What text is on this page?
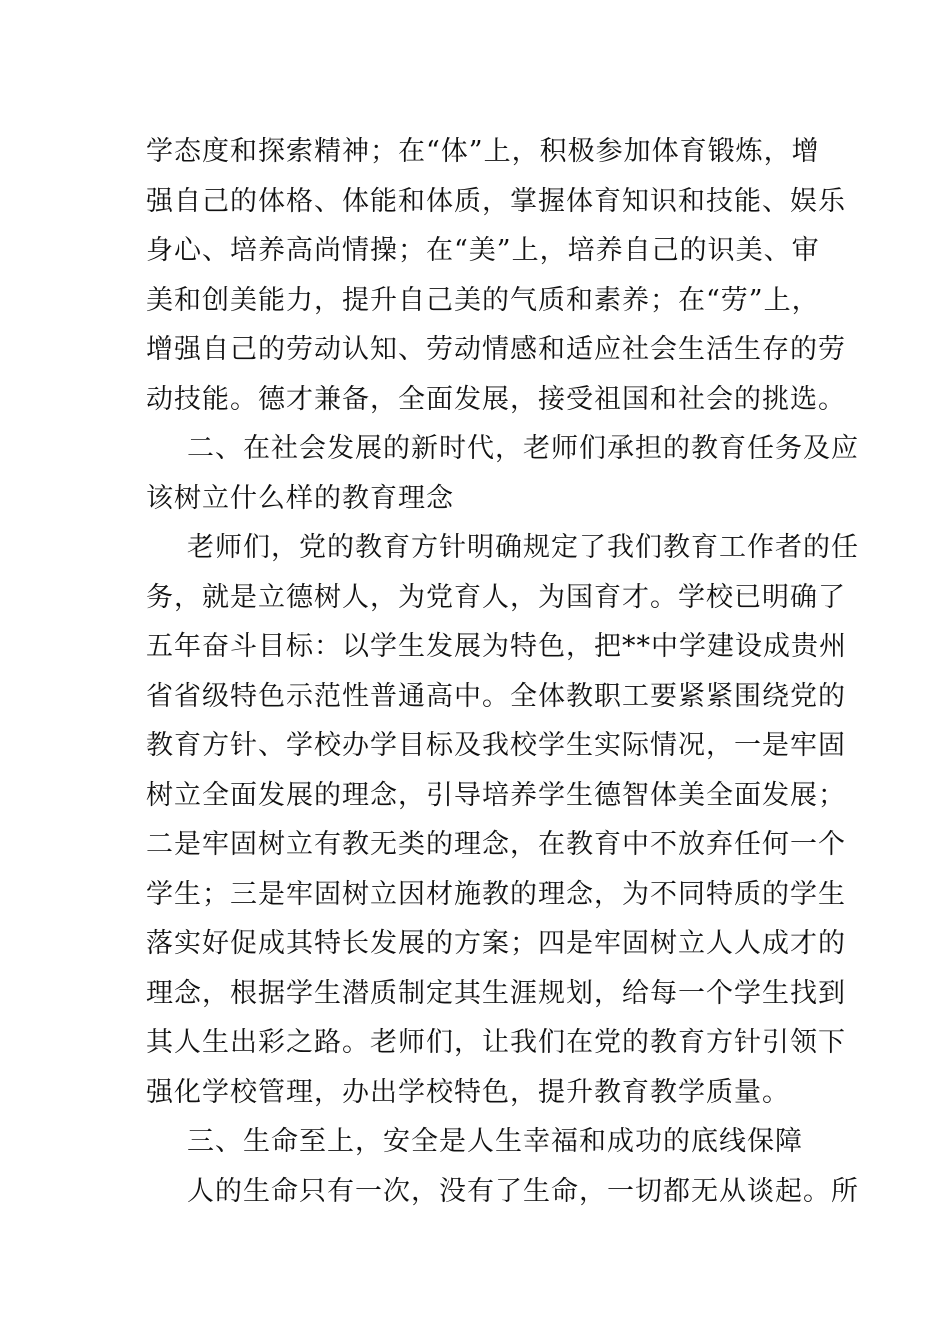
学态度和探索精神；在“体”上，积极参加体育锻炼，增
强自己的体格、体能和体质，掌握体育知识和技能、娱乐
身心、培养高尚情操；在“美”上，培养自己的识美、审
美和创美能力，提升自己美的气质和素养；在“劳”上，
增强自己的劳动认知、劳动情感和适应社会生活生存的劳
动技能。德才兼备，全面发展，接受祖国和社会的挑选。
二、在社会发展的新时代，老师们承担的教育任务及应
该树立什么样的教育理念
老师们，党的教育方针明确规定了我们教育工作者的任
务，就是立德树人，为党育人，为国育才。学校已明确了
五年奋斗目标：以学生发展为特色，把**中学建设成贵州
省省级特色示范性普通高中。全体教职工要紧紧围绕党的
教育方针、学校办学目标及我校学生实际情况，一是牢固
树立全面发展的理念，引导培养学生德智体美全面发展；
二是牢固树立有教无类的理念，在教育中不放弃任何一个
学生；三是牢固树立因材施教的理念，为不同特质的学生
落实好促成其特长发展的方案；四是牢固树立人人成才的
理念，根据学生潜质制定其生涯规划，给每一个学生找到
其人生出彩之路。老师们，让我们在党的教育方针引领下
强化学校管理，办出学校特色，提升教育教学质量。
三、生命至上，安全是人生幸福和成功的底线保障
人的生命只有一次，没有了生命，一切都无从谈起。所
